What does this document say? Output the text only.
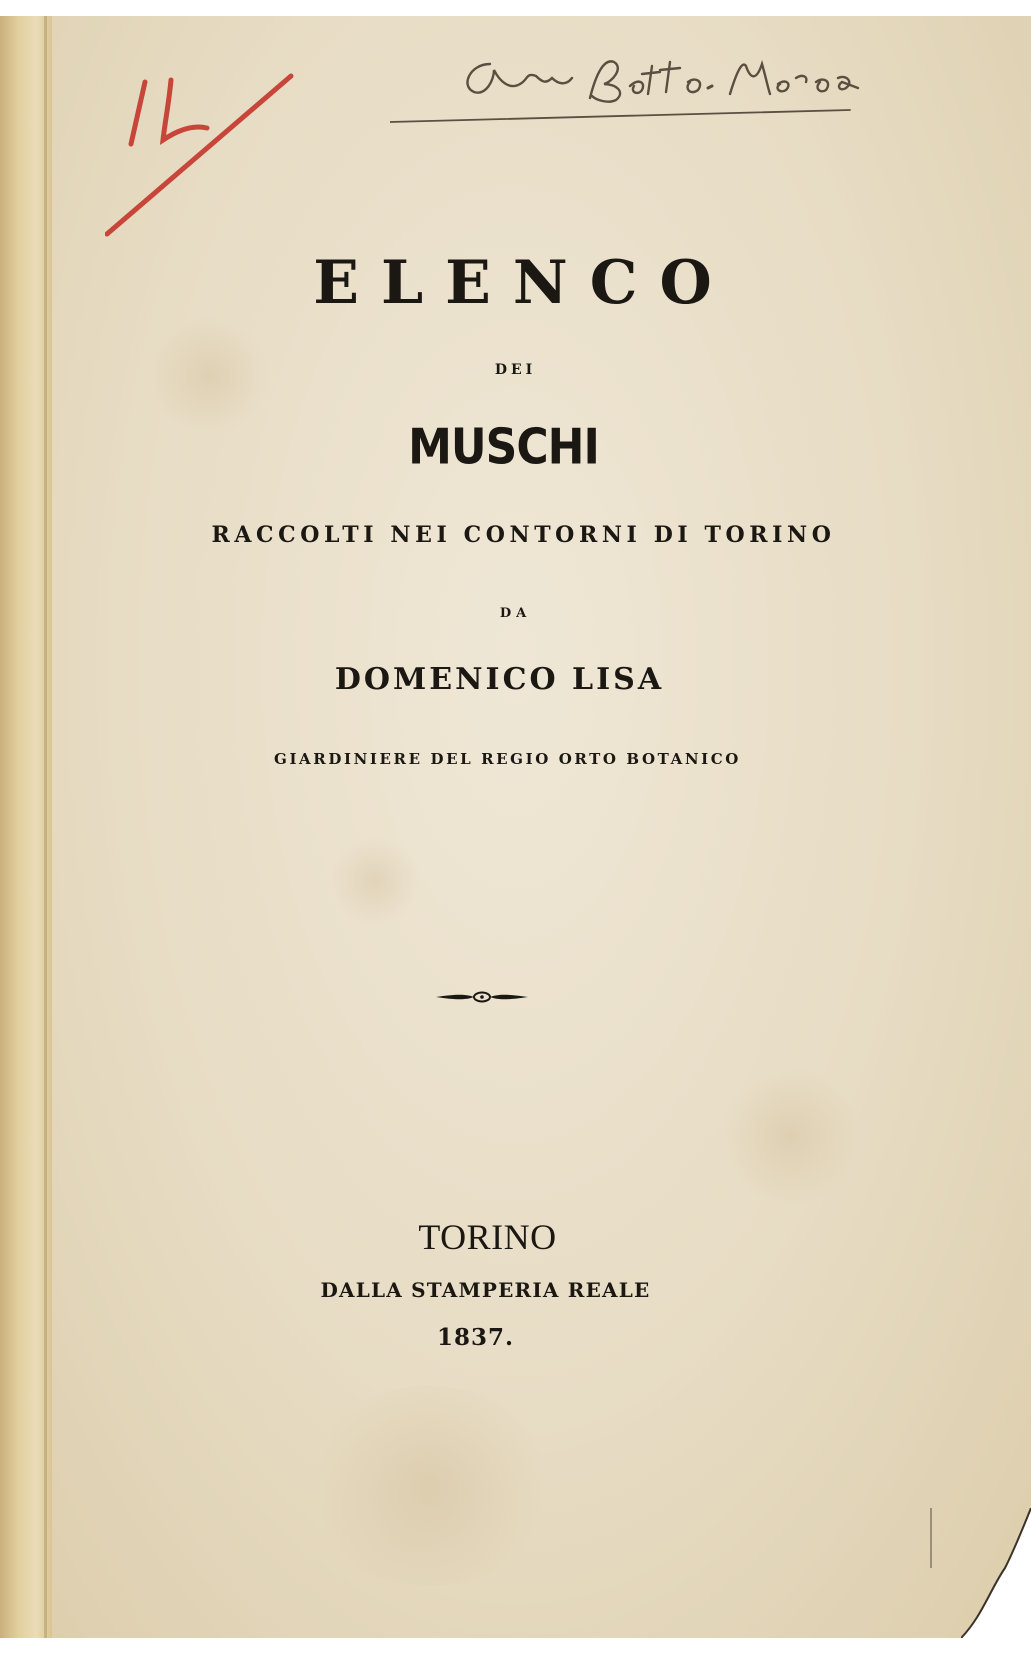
ELENCO
DEI
MUSCHI
RACCOLTI NEI CONTORNI DI TORINO
DA
DOMENICO LISA
GIARDINIERE DEL REGIO ORTO BOTANICO
TORINO
DALLA STAMPERIA REALE
1837.
